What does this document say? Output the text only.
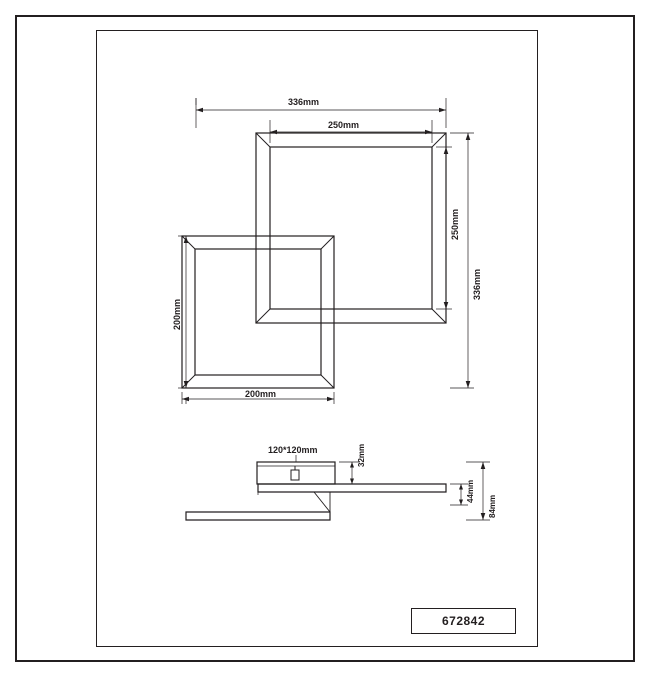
336mm
250mm
250mm
336mm
200mm
200mm
120*120mm	32mm
44mm
84mm
672842
